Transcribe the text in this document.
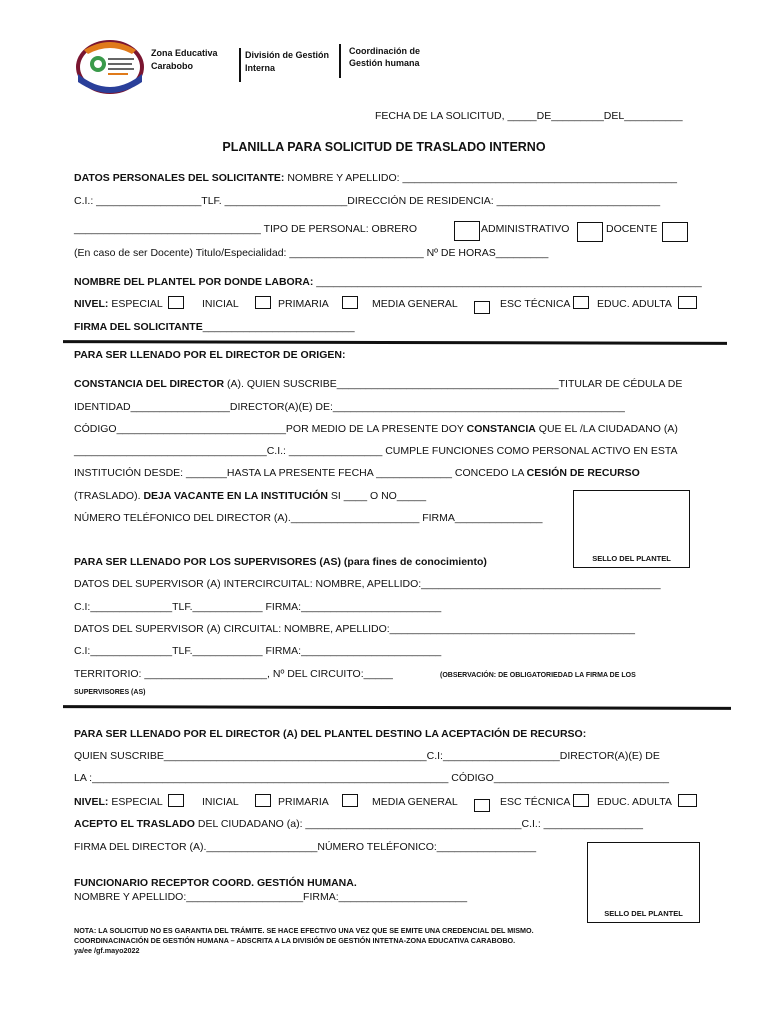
Zona Educativa
Carabobo
División de Gestión
Interna
Coordinación de
Gestión humana
FECHA DE LA SOLICITUD, _____DE_________DEL__________
PLANILLA PARA SOLICITUD DE TRASLADO INTERNO
DATOS PERSONALES DEL SOLICITANTE: NOMBRE Y APELLIDO: _______________________________________________
C.I.: __________________TLF. _____________________DIRECCIÓN DE RESIDENCIA: ____________________________
________________________________ TIPO DE PERSONAL: OBRERO	ADMINISTRATIVO	DOCENTE
(En caso de ser Docente) Titulo/Especialidad: _______________________ Nº DE HORAS_________
NOMBRE DEL PLANTEL POR DONDE LABORA: __________________________________________________________________
NIVEL: ESPECIAL	INICIAL	PRIMARIA	MEDIA GENERAL	ESC TÉCNICA	EDUC. ADULTA
FIRMA DEL SOLICITANTE__________________________
PARA SER LLENADO POR EL DIRECTOR DE ORIGEN:
CONSTANCIA DEL DIRECTOR (A). QUIEN SUSCRIBE______________________________________TITULAR DE CÉDULA DE
IDENTIDAD_________________DIRECTOR(A)(E) DE:__________________________________________________
CÓDIGO_____________________________POR MEDIO DE LA PRESENTE DOY CONSTANCIA QUE EL /LA CIUDADANO (A)
_________________________________C.I.: ________________ CUMPLE FUNCIONES COMO PERSONAL ACTIVO EN ESTA
INSTITUCIÓN DESDE: _______HASTA LA PRESENTE FECHA _____________ CONCEDO LA CESIÓN DE RECURSO
(TRASLADO). DEJA VACANTE EN LA INSTITUCIÓN SI ____ O NO_____
NÚMERO TELÉFONICO DEL DIRECTOR (A).______________________ FIRMA_______________
SELLO DEL PLANTEL
PARA SER LLENADO POR LOS SUPERVISORES (AS) (para fines de conocimiento)
DATOS DEL SUPERVISOR (A) INTERCIRCUITAL: NOMBRE, APELLIDO:_________________________________________
C.I:______________TLF.____________ FIRMA:________________________
DATOS DEL SUPERVISOR (A) CIRCUITAL: NOMBRE, APELLIDO:__________________________________________
C.I:______________TLF.____________ FIRMA:________________________
TERRITORIO: _____________________, Nº DEL CIRCUITO:_____	(OBSERVACIÓN: DE OBLIGATORIEDAD LA FIRMA DE LOS
SUPERVISORES (AS)
PARA SER LLENADO POR EL DIRECTOR (A) DEL PLANTEL DESTINO LA ACEPTACIÓN DE RECURSO:
QUIEN SUSCRIBE_____________________________________________C.I:____________________DIRECTOR(A)(E) DE
LA :_____________________________________________________________ CÓDIGO______________________________
NIVEL: ESPECIAL	INICIAL	PRIMARIA	MEDIA GENERAL	ESC TÉCNICA	EDUC. ADULTA
ACEPTO EL TRASLADO DEL CIUDADANO (a): _____________________________________C.I.: _________________
FIRMA DEL DIRECTOR (A).___________________NÚMERO TELÉFONICO:_________________
FUNCIONARIO RECEPTOR COORD. GESTIÓN HUMANA.
NOMBRE Y APELLIDO:____________________FIRMA:______________________
SELLO DEL PLANTEL
NOTA: LA SOLICITUD NO ES GARANTIA DEL TRÁMITE. SE HACE EFECTIVO UNA VEZ QUE SE EMITE UNA CREDENCIAL DEL MISMO.
COORDINACINACIÓN DE GESTIÓN HUMANA – ADSCRITA A LA DIVISIÓN DE GESTIÓN INTETNA-ZONA EDUCATIVA CARABOBO.
ya/ee /gf.mayo2022
